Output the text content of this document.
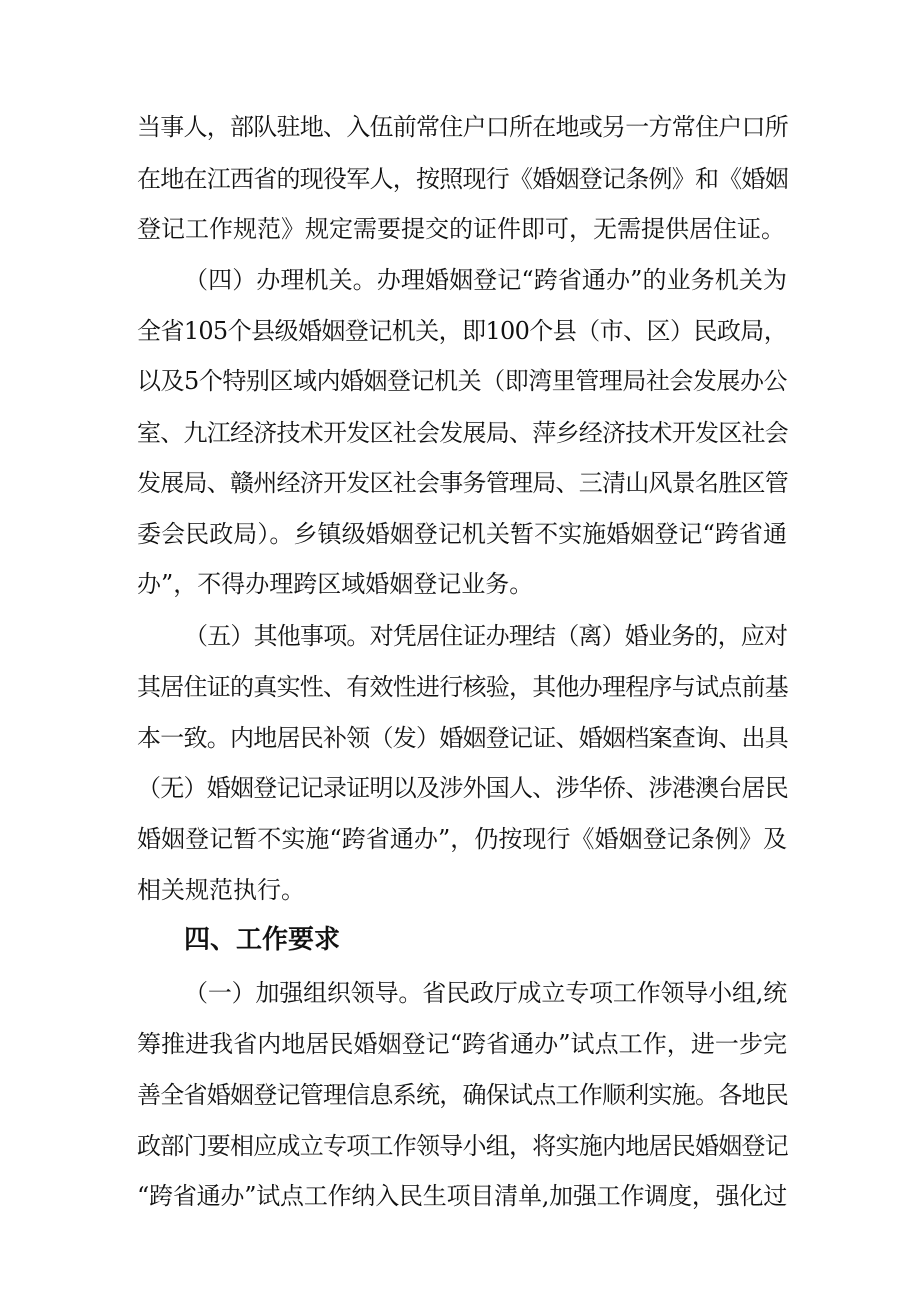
当事人，部队驻地、入伍前常住户口所在地或另一方常住户口所
在地在江西省的现役军人，按照现行《婚姻登记条例》和《婚姻
登记工作规范》规定需要提交的证件即可，无需提供居住证。
（四）办理机关。办理婚姻登记“跨省通办”的业务机关为
全省105个县级婚姻登记机关，即100个县（市、区）民政局，
以及5个特别区域内婚姻登记机关（即湾里管理局社会发展办公
室、九江经济技术开发区社会发展局、萍乡经济技术开发区社会
发展局、赣州经济开发区社会事务管理局、三清山风景名胜区管
委会民政局）。乡镇级婚姻登记机关暂不实施婚姻登记“跨省通
办”，不得办理跨区域婚姻登记业务。
（五）其他事项。对凭居住证办理结（离）婚业务的，应对
其居住证的真实性、有效性进行核验，其他办理程序与试点前基
本一致。内地居民补领（发）婚姻登记证、婚姻档案查询、出具
（无）婚姻登记记录证明以及涉外国人、涉华侨、涉港澳台居民
婚姻登记暂不实施“跨省通办”，仍按现行《婚姻登记条例》及
相关规范执行。
四、工作要求
（一）加强组织领导。省民政厅成立专项工作领导小组,统
筹推进我省内地居民婚姻登记“跨省通办”试点工作，进一步完
善全省婚姻登记管理信息系统，确保试点工作顺利实施。各地民
政部门要相应成立专项工作领导小组，将实施内地居民婚姻登记
“跨省通办”试点工作纳入民生项目清单,加强工作调度，强化过
